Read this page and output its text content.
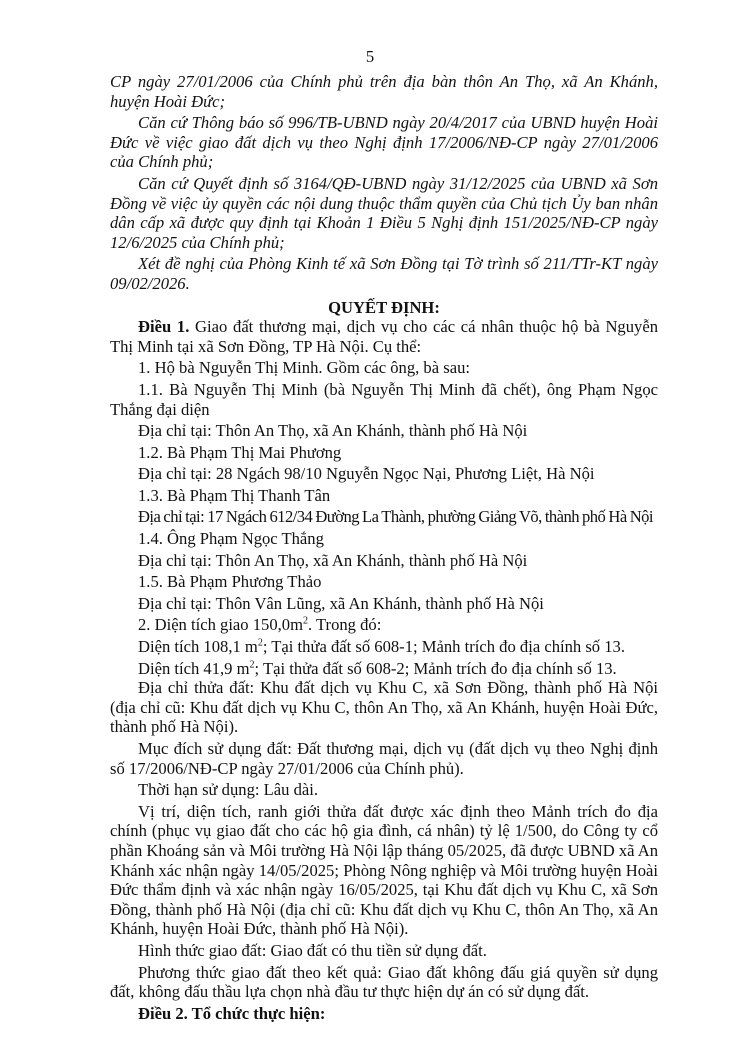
5

CP ngày 27/01/2006 của Chính phủ trên địa bàn thôn An Thọ, xã An Khánh, huyện Hoài Đức;

Căn cứ Thông báo số 996/TB-UBND ngày 20/4/2017 của UBND huyện Hoài Đức về việc giao đất dịch vụ theo Nghị định 17/2006/NĐ-CP ngày 27/01/2006 của Chính phủ;

Căn cứ Quyết định số 3164/QĐ-UBND ngày 31/12/2025 của UBND xã Sơn Đồng về việc ủy quyền các nội dung thuộc thẩm quyền của Chủ tịch Ủy ban nhân dân cấp xã được quy định tại Khoản 1 Điều 5 Nghị định 151/2025/NĐ-CP ngày 12/6/2025 của Chính phủ;

Xét đề nghị của Phòng Kinh tế xã Sơn Đồng tại Tờ trình số 211/TTr-KT ngày 09/02/2026.

QUYẾT ĐỊNH:

Điều 1. Giao đất thương mại, dịch vụ cho các cá nhân thuộc hộ bà Nguyễn Thị Minh tại xã Sơn Đồng, TP Hà Nội. Cụ thể:

1. Hộ bà Nguyễn Thị Minh. Gồm các ông, bà sau:

1.1. Bà Nguyễn Thị Minh (bà Nguyễn Thị Minh đã chết), ông Phạm Ngọc Thắng đại diện

Địa chỉ tại: Thôn An Thọ, xã An Khánh, thành phố Hà Nội

1.2. Bà Phạm Thị Mai Phương

Địa chỉ tại: 28 Ngách 98/10 Nguyễn Ngọc Nại, Phương Liệt, Hà Nội

1.3. Bà Phạm Thị Thanh Tân

Địa chỉ tại: 17 Ngách 612/34 Đường La Thành, phường Giảng Võ, thành phố Hà Nội

1.4. Ông Phạm Ngọc Thắng

Địa chỉ tại: Thôn An Thọ, xã An Khánh, thành phố Hà Nội

1.5. Bà Phạm Phương Thảo

Địa chỉ tại: Thôn Vân Lũng, xã An Khánh, thành phố Hà Nội

2. Diện tích giao $150,0m^2$. Trong đó:

Diện tích 108,1 $m^2$; Tại thửa đất số 608-1; Mảnh trích đo địa chính số 13.

Diện tích 41,9 $m^2$; Tại thửa đất số 608-2; Mảnh trích đo địa chính số 13.

Địa chỉ thửa đất: Khu đất dịch vụ Khu C, xã Sơn Đồng, thành phố Hà Nội (địa chỉ cũ: Khu đất dịch vụ Khu C, thôn An Thọ, xã An Khánh, huyện Hoài Đức, thành phố Hà Nội).

Mục đích sử dụng đất: Đất thương mại, dịch vụ (đất dịch vụ theo Nghị định số 17/2006/NĐ-CP ngày 27/01/2006 của Chính phủ).

Thời hạn sử dụng: Lâu dài.

Vị trí, diện tích, ranh giới thửa đất được xác định theo Mảnh trích đo địa chính (phục vụ giao đất cho các hộ gia đình, cá nhân) tỷ lệ 1/500, do Công ty cổ phần Khoáng sản và Môi trường Hà Nội lập tháng 05/2025, đã được UBND xã An Khánh xác nhận ngày 14/05/2025; Phòng Nông nghiệp và Môi trường huyện Hoài Đức thẩm định và xác nhận ngày 16/05/2025, tại Khu đất dịch vụ Khu C, xã Sơn Đồng, thành phố Hà Nội (địa chỉ cũ: Khu đất dịch vụ Khu C, thôn An Thọ, xã An Khánh, huyện Hoài Đức, thành phố Hà Nội).

Hình thức giao đất: Giao đất có thu tiền sử dụng đất.

Phương thức giao đất theo kết quả: Giao đất không đấu giá quyền sử dụng đất, không đấu thầu lựa chọn nhà đầu tư thực hiện dự án có sử dụng đất.

Điều 2. Tổ chức thực hiện:
